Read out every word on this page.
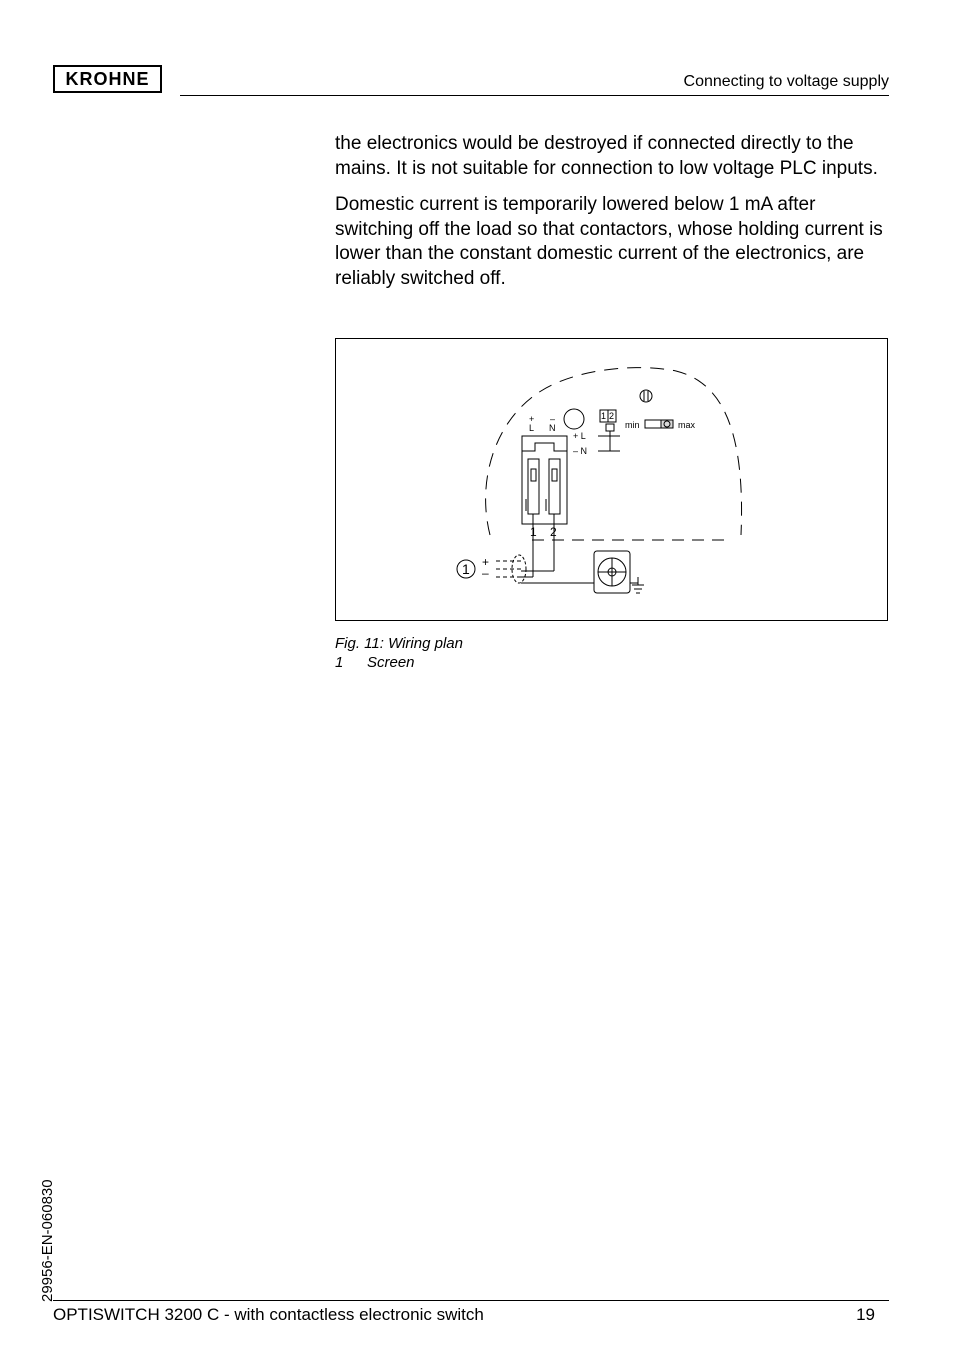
KROHNE	Connecting to voltage supply

the electronics would be destroyed if connected directly to the mains. It is not suitable for connection to low voltage PLC inputs.

Domestic current is temporarily lowered below 1 mA after switching off the load so that contactors, whose holding current is lower than the constant domestic current of the electronics, are reliably switched off.

+ –
L N
+ L
– N
1 2
min	max
1 2
1 +
–
Fig. 11: Wiring plan
1 Screen
29956-EN-060830
OPTISWITCH 3200 C - with contactless electronic switch	19
